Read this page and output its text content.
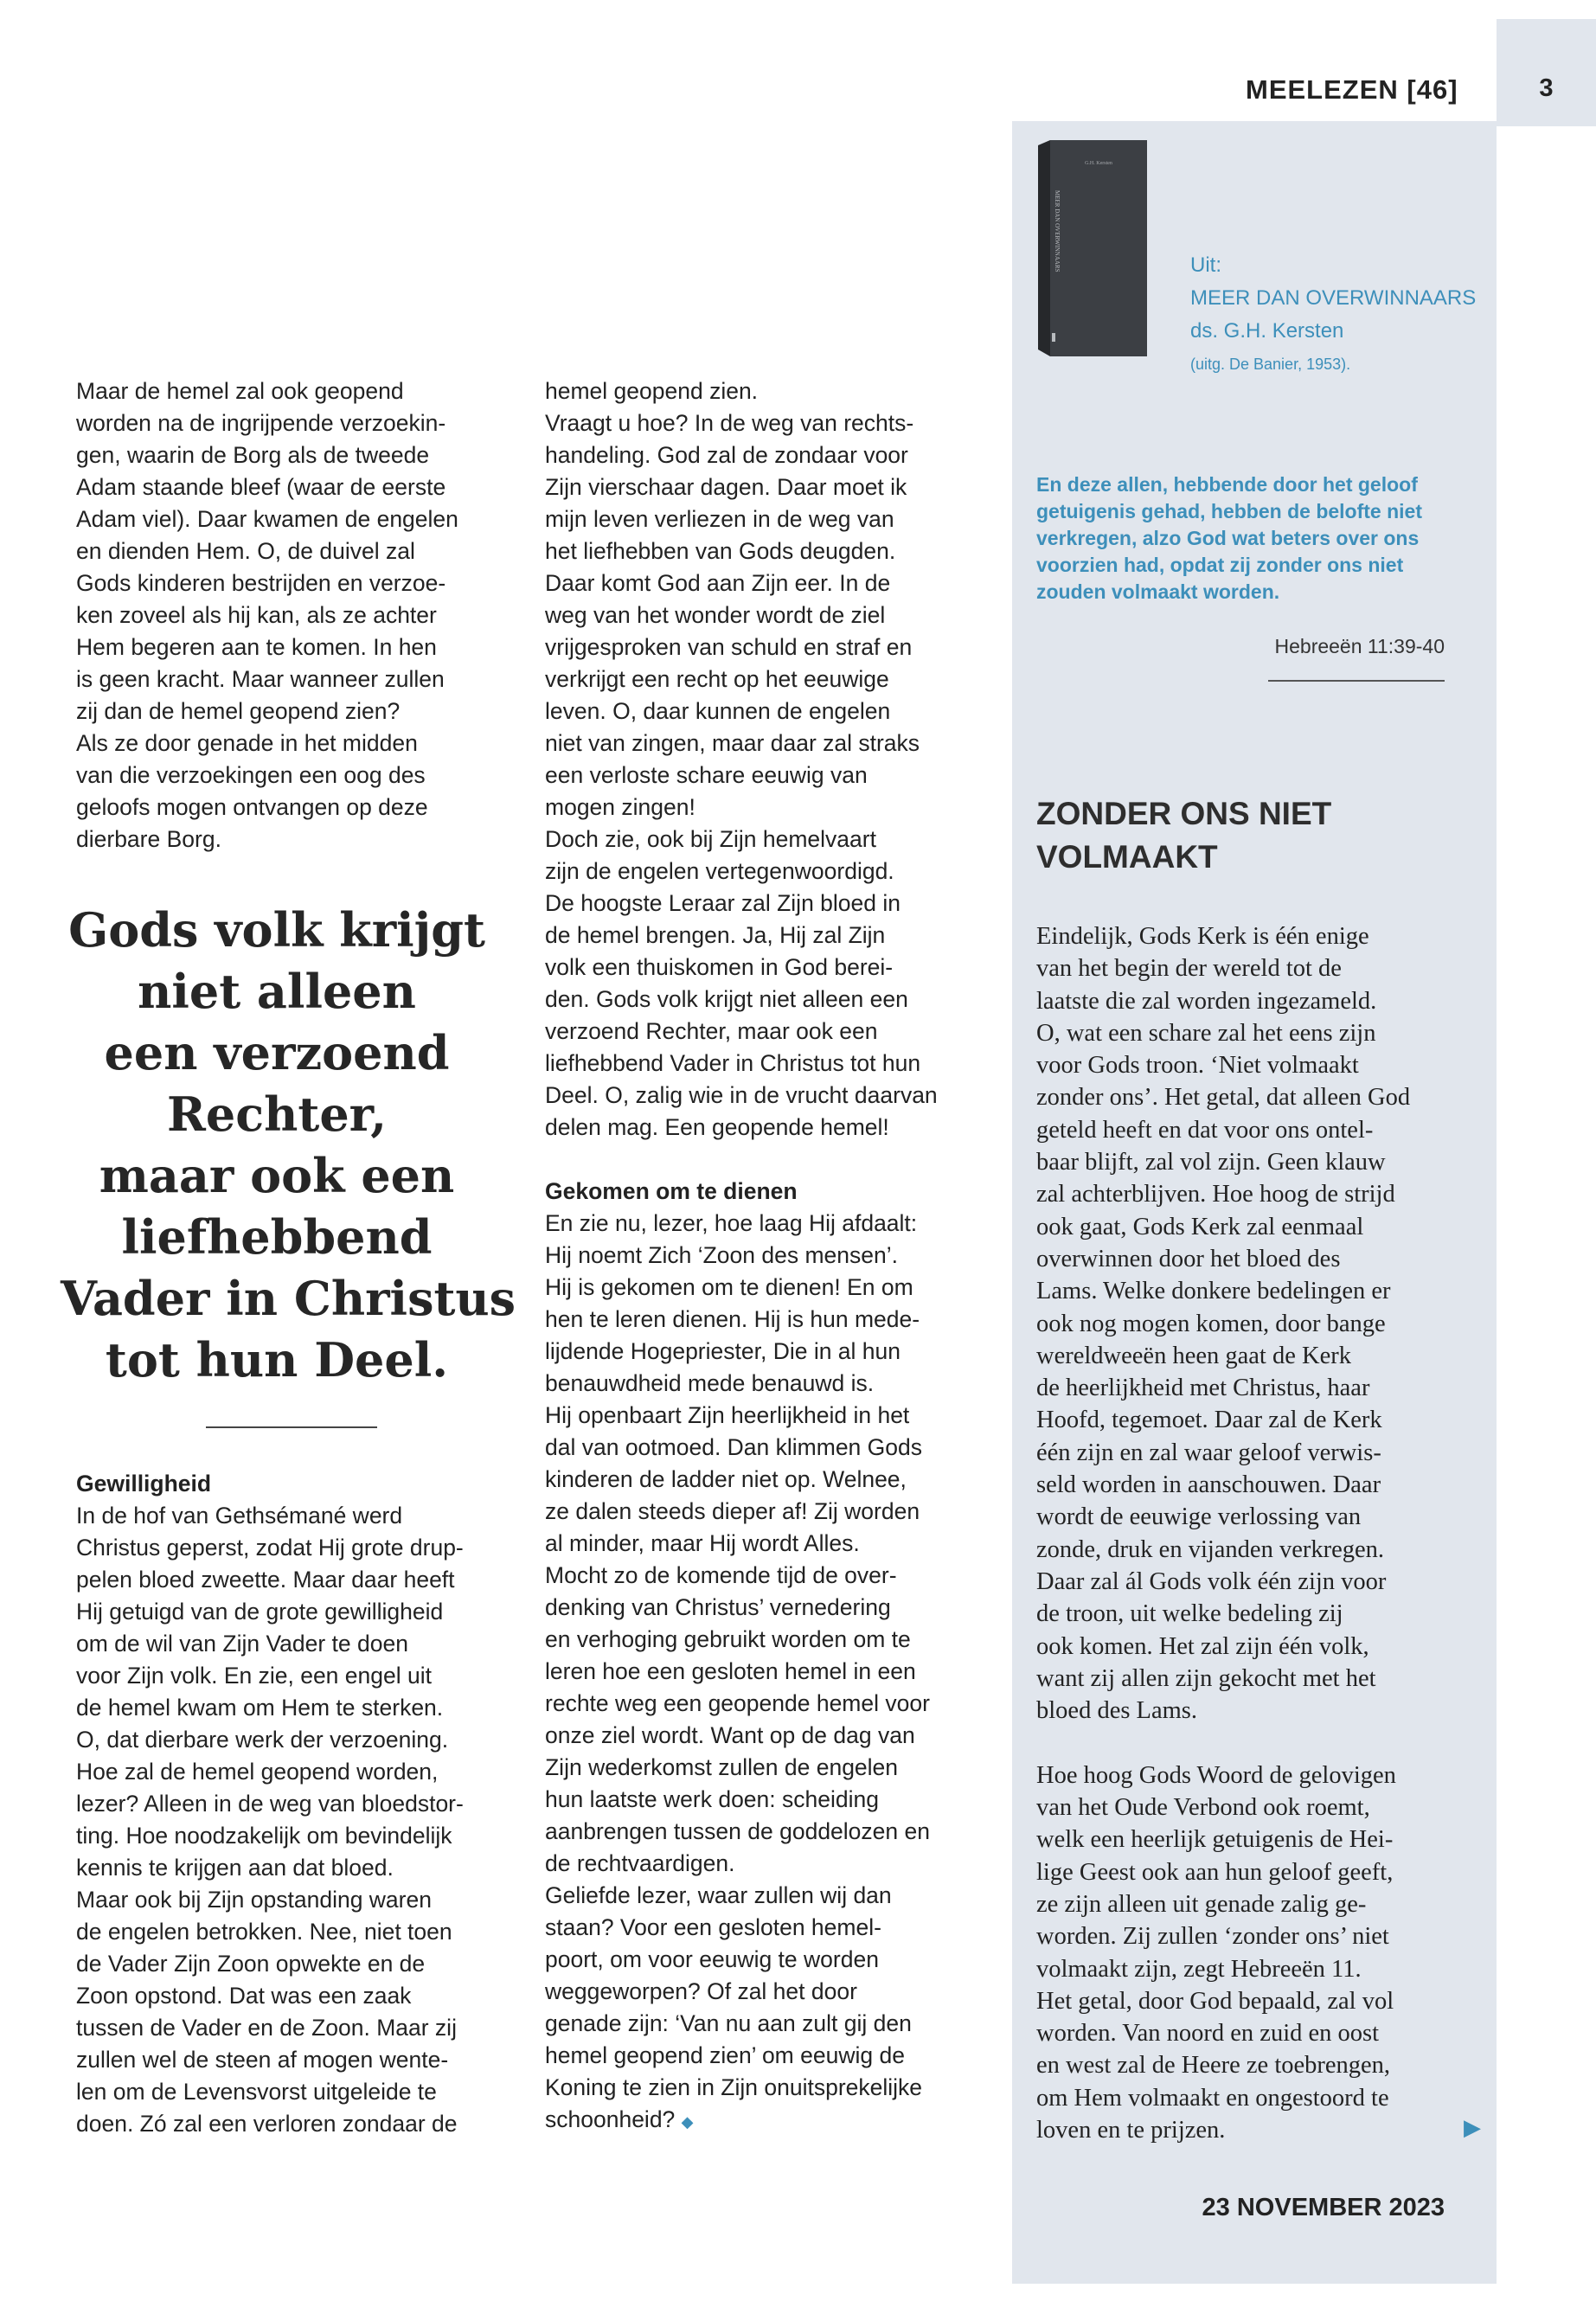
MEELEZEN [46]	3
G.H. Kersten
MEER DAN OVERWINNAARS	Uit:
MEER DAN OVERWINNAARS
ds. G.H. Kersten
(uitg. De Banier, 1953).
En deze allen, hebbende door het geloof
getuigenis gehad, hebben de belofte niet
verkregen, alzo God wat beters over ons
voorzien had, opdat zij zonder ons niet
zouden volmaakt worden.
Hebreeën 11:39-40
ZONDER ONS NIET
VOLMAAKT
Eindelijk, Gods Kerk is één enige
van het begin der wereld tot de
laatste die zal worden ingezameld.
O, wat een schare zal het eens zijn
voor Gods troon. ‘Niet volmaakt
zonder ons’. Het getal, dat alleen God
geteld heeft en dat voor ons ontel-
baar blijft, zal vol zijn. Geen klauw
zal achterblijven. Hoe hoog de strijd
ook gaat, Gods Kerk zal eenmaal
overwinnen door het bloed des
Lams. Welke donkere bedelingen er
ook nog mogen komen, door bange
wereldweeën heen gaat de Kerk
de heerlijkheid met Christus, haar
Hoofd, tegemoet. Daar zal de Kerk
één zijn en zal waar geloof verwis-
seld worden in aanschouwen. Daar
wordt de eeuwige verlossing van
zonde, druk en vijanden verkregen.
Daar zal ál Gods volk één zijn voor
de troon, uit welke bedeling zij
ook komen. Het zal zijn één volk,
want zij allen zijn gekocht met het
bloed des Lams.
Hoe hoog Gods Woord de gelovigen
van het Oude Verbond ook roemt,
welk een heerlijk getuigenis de Hei-
lige Geest ook aan hun geloof geeft,
ze zijn alleen uit genade zalig ge-
worden. Zij zullen ‘zonder ons’ niet
volmaakt zijn, zegt Hebreeën 11.
Het getal, door God bepaald, zal vol
worden. Van noord en zuid en oost
en west zal de Heere ze toebrengen,
om Hem volmaakt en ongestoord te
loven en te prijzen.	▶
23 NOVEMBER 2023
Maar de hemel zal ook geopend
worden na de ingrijpende verzoekin-
gen, waarin de Borg als de tweede
Adam staande bleef (waar de eerste
Adam viel). Daar kwamen de engelen
en dienden Hem. O, de duivel zal
Gods kinderen bestrijden en verzoe-
ken zoveel als hij kan, als ze achter
Hem begeren aan te komen. In hen
is geen kracht. Maar wanneer zullen
zij dan de hemel geopend zien?
Als ze door genade in het midden
van die verzoekingen een oog des
geloofs mogen ontvangen op deze
dierbare Borg.
Gods volk krijgt
niet alleen
een verzoend
Rechter,
maar ook een
liefhebbend
Vader in Christus
tot hun Deel.
Gewilligheid
In de hof van Gethsémané werd
Christus geperst, zodat Hij grote drup-
pelen bloed zweette. Maar daar heeft
Hij getuigd van de grote gewilligheid
om de wil van Zijn Vader te doen
voor Zijn volk. En zie, een engel uit
de hemel kwam om Hem te sterken.
O, dat dierbare werk der verzoening.
Hoe zal de hemel geopend worden,
lezer? Alleen in de weg van bloedstor-
ting. Hoe noodzakelijk om bevindelijk
kennis te krijgen aan dat bloed.
Maar ook bij Zijn opstanding waren
de engelen betrokken. Nee, niet toen
de Vader Zijn Zoon opwekte en de
Zoon opstond. Dat was een zaak
tussen de Vader en de Zoon. Maar zij
zullen wel de steen af mogen wente-
len om de Levensvorst uitgeleide te
doen. Zó zal een verloren zondaar de
hemel geopend zien.
Vraagt u hoe? In de weg van rechts-
handeling. God zal de zondaar voor
Zijn vierschaar dagen. Daar moet ik
mijn leven verliezen in de weg van
het liefhebben van Gods deugden.
Daar komt God aan Zijn eer. In de
weg van het wonder wordt de ziel
vrijgesproken van schuld en straf en
verkrijgt een recht op het eeuwige
leven. O, daar kunnen de engelen
niet van zingen, maar daar zal straks
een verloste schare eeuwig van
mogen zingen!
Doch zie, ook bij Zijn hemelvaart
zijn de engelen vertegenwoordigd.
De hoogste Leraar zal Zijn bloed in
de hemel brengen. Ja, Hij zal Zijn
volk een thuiskomen in God berei-
den. Gods volk krijgt niet alleen een
verzoend Rechter, maar ook een
liefhebbend Vader in Christus tot hun
Deel. O, zalig wie in de vrucht daarvan
delen mag. Een geopende hemel!
Gekomen om te dienen
En zie nu, lezer, hoe laag Hij afdaalt:
Hij noemt Zich ‘Zoon des mensen’.
Hij is gekomen om te dienen! En om
hen te leren dienen. Hij is hun mede-
lijdende Hogepriester, Die in al hun
benauwdheid mede benauwd is.
Hij openbaart Zijn heerlijkheid in het
dal van ootmoed. Dan klimmen Gods
kinderen de ladder niet op. Welnee,
ze dalen steeds dieper af! Zij worden
al minder, maar Hij wordt Alles.
Mocht zo de komende tijd de over-
denking van Christus’ vernedering
en verhoging gebruikt worden om te
leren hoe een gesloten hemel in een
rechte weg een geopende hemel voor
onze ziel wordt. Want op de dag van
Zijn wederkomst zullen de engelen
hun laatste werk doen: scheiding
aanbrengen tussen de goddelozen en
de rechtvaardigen.
Geliefde lezer, waar zullen wij dan
staan? Voor een gesloten hemel-
poort, om voor eeuwig te worden
weggeworpen? Of zal het door
genade zijn: ‘Van nu aan zult gij den
hemel geopend zien’ om eeuwig de
Koning te zien in Zijn onuitsprekelijke
schoonheid? ◆
